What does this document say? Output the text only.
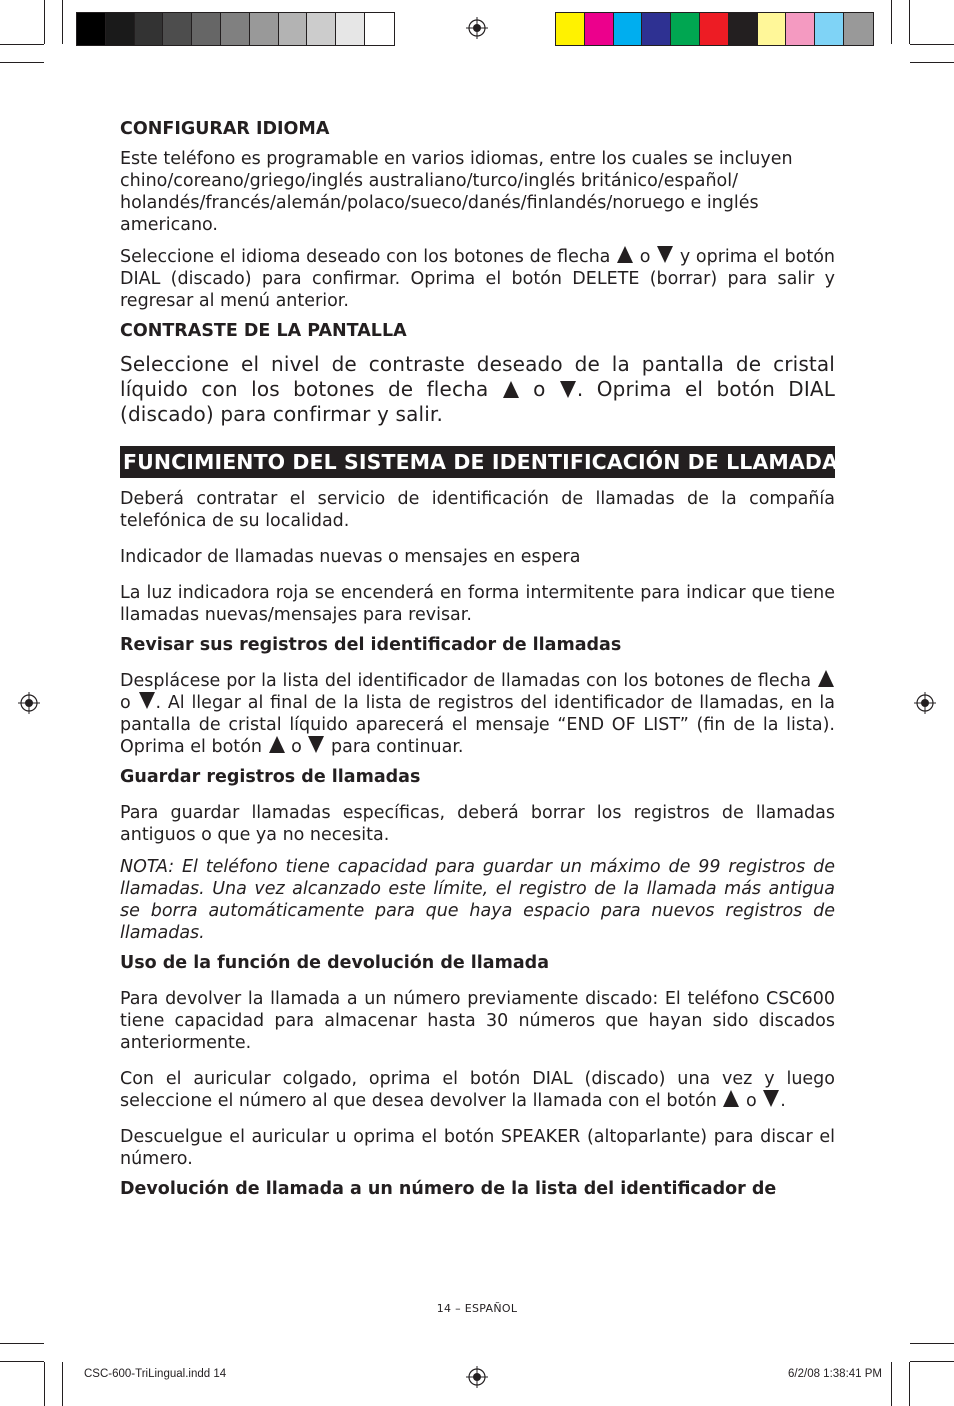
CONFIGURAR IDIOMA

Este teléfono es programable en varios idiomas, entre los cuales se incluyen chino/coreano/griego/inglés australiano/turco/inglés británico/español/ holandés/francés/alemán/polaco/sueco/danés/finlandés/noruego e inglés americano.

Seleccione el idioma deseado con los botones de flecha o y oprima el botón DIAL (discado) para confirmar. Oprima el botón DELETE (borrar) para salir y regresar al menú anterior.

CONTRASTE DE LA PANTALLA

Seleccione el nivel de contraste deseado de la pantalla de cristal líquido con los botones de flecha o . Oprima el botón DIAL (discado) para confirmar y salir.

FUNCIMIENTO DEL SISTEMA DE IDENTIFICACIÓN DE LLAMADAS

Deberá contratar el servicio de identificación de llamadas de la compañía telefónica de su localidad.

Indicador de llamadas nuevas o mensajes en espera

La luz indicadora roja se encenderá en forma intermitente para indicar que tiene llamadas nuevas/mensajes para revisar.

Revisar sus registros del identificador de llamadas

Desplácese por la lista del identificador de llamadas con los botones de flecha  o . Al llegar al final de la lista de registros del identificador de llamadas, en la pantalla de cristal líquido aparecerá el mensaje “END OF LIST” (fin de la lista). Oprima el botón o para continuar.

Guardar registros de llamadas

Para guardar llamadas específicas, deberá borrar los registros de llamadas antiguos o que ya no necesita.

NOTA: El teléfono tiene capacidad para guardar un máximo de 99 registros de llamadas. Una vez alcanzado este límite, el registro de la llamada más antigua se borra automáticamente para que haya espacio para nuevos registros de llamadas.

Uso de la función de devolución de llamada

Para devolver la llamada a un número previamente discado: El teléfono CSC600 tiene capacidad para almacenar hasta 30 números que hayan sido discados anteriormente.

Con el auricular colgado, oprima el botón DIAL (discado) una vez y luego seleccione el número al que desea devolver la llamada con el botón o .

Descuelgue el auricular u oprima el botón SPEAKER (altoparlante) para discar el número.

Devolución de llamada a un número de la lista del identificador de

14 – ESPAÑOL
CSC-600-TriLingual.indd 14	6/2/08 1:38:41 PM
